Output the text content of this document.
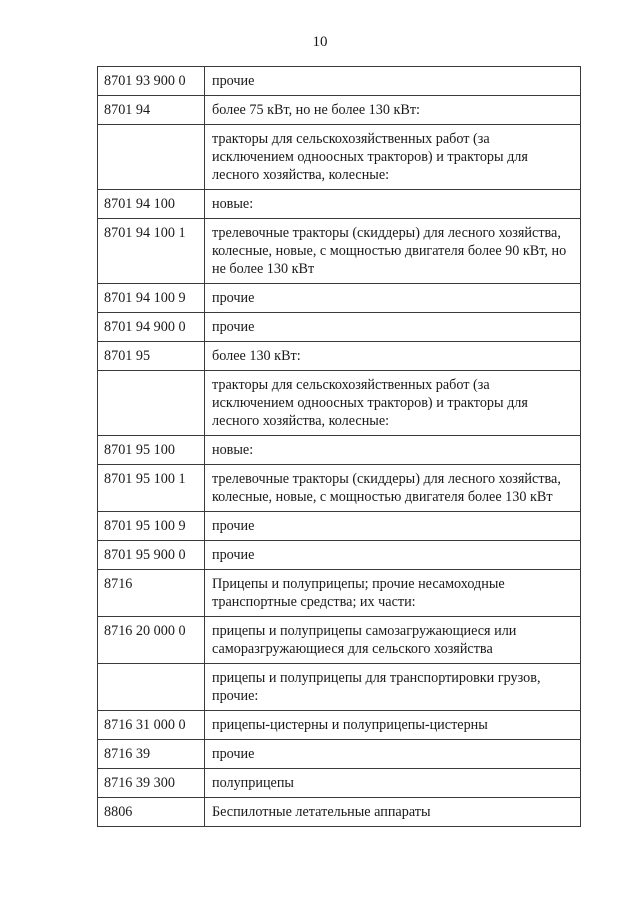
10
8701 93 900 0	прочие
8701 94	более 75 кВт, но не более 130 кВт:
	тракторы для сельскохозяйственных работ (за исключением одноосных тракторов) и тракторы для лесного хозяйства, колесные:
8701 94 100	новые:
8701 94 100 1	трелевочные тракторы (скиддеры) для лесного хозяйства, колесные, новые, с мощностью двигателя более 90 кВт, но не более 130 кВт
8701 94 100 9	прочие
8701 94 900 0	прочие
8701 95	более 130 кВт:
	тракторы для сельскохозяйственных работ (за исключением одноосных тракторов) и тракторы для лесного хозяйства, колесные:
8701 95 100	новые:
8701 95 100 1	трелевочные тракторы (скиддеры) для лесного хозяйства, колесные, новые, с мощностью двигателя более 130 кВт
8701 95 100 9	прочие
8701 95 900 0	прочие
8716	Прицепы и полуприцепы; прочие несамоходные транспортные средства; их части:
8716 20 000 0	прицепы и полуприцепы самозагружающиеся или саморазгружающиеся для сельского хозяйства
	прицепы и полуприцепы для транспортировки грузов, прочие:
8716 31 000 0	прицепы-цистерны и полуприцепы-цистерны
8716 39	прочие
8716 39 300	полуприцепы
8806	Беспилотные летательные аппараты
